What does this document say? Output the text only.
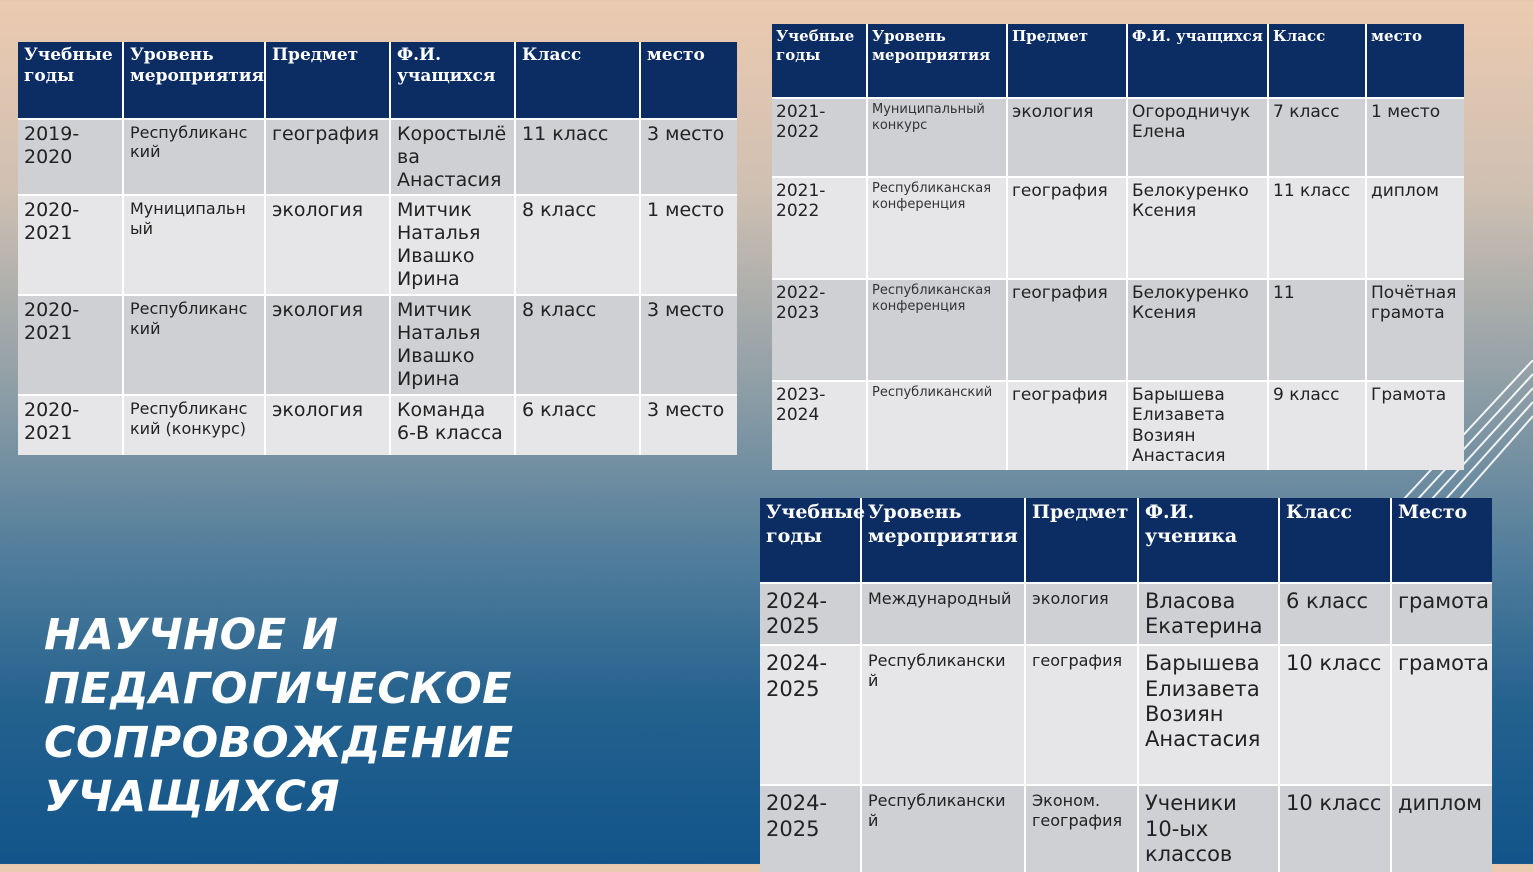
Учебные годы	Уровень мероприятия	Предмет	Ф.И. учащихся	Класс	место
2019-2020	Республиканс кий	география	Коростылё ва Анастасия	11 класс	3 место
2020-2021	Муниципальн ый	экология	Митчик Наталья Ивашко Ирина	8 класс	1 место
2020-2021	Республиканс кий	экология	Митчик Наталья Ивашко Ирина	8 класс	3 место
2020-2021	Республиканс кий (конкурс)	экология	Команда 6-В класса	6 класс	3 место
Учебные годы	Уровень мероприятия	Предмет	Ф.И. учащихся	Класс	место
2021-2022	Муниципальный конкурс	экология	Огородничук Елена	7 класс	1 место
2021-2022	Республиканская конференция	география	Белокуренко Ксения	11 класс	диплом
2022-2023	Республиканская конференция	география	Белокуренко Ксения	11	Почётная грамота
2023-2024	Республиканский	география	Барышева Елизавета Возиян Анастасия	9 класс	Грамота
Учебные годы	Уровень мероприятия	Предмет	Ф.И. ученика	Класс	Место
2024-2025	Международный	экология	Власова Екатерина	6 класс	грамота
2024-2025	Республикански й	география	Барышева Елизавета Возиян Анастасия	10 класс	грамота
2024-2025	Республикански й	Эконом. география	Ученики 10-ых классов	10 класс	диплом
НАУЧНОЕ И ПЕДАГОГИЧЕСКОЕ СОПРОВОЖДЕНИЕ УЧАЩИХСЯ
